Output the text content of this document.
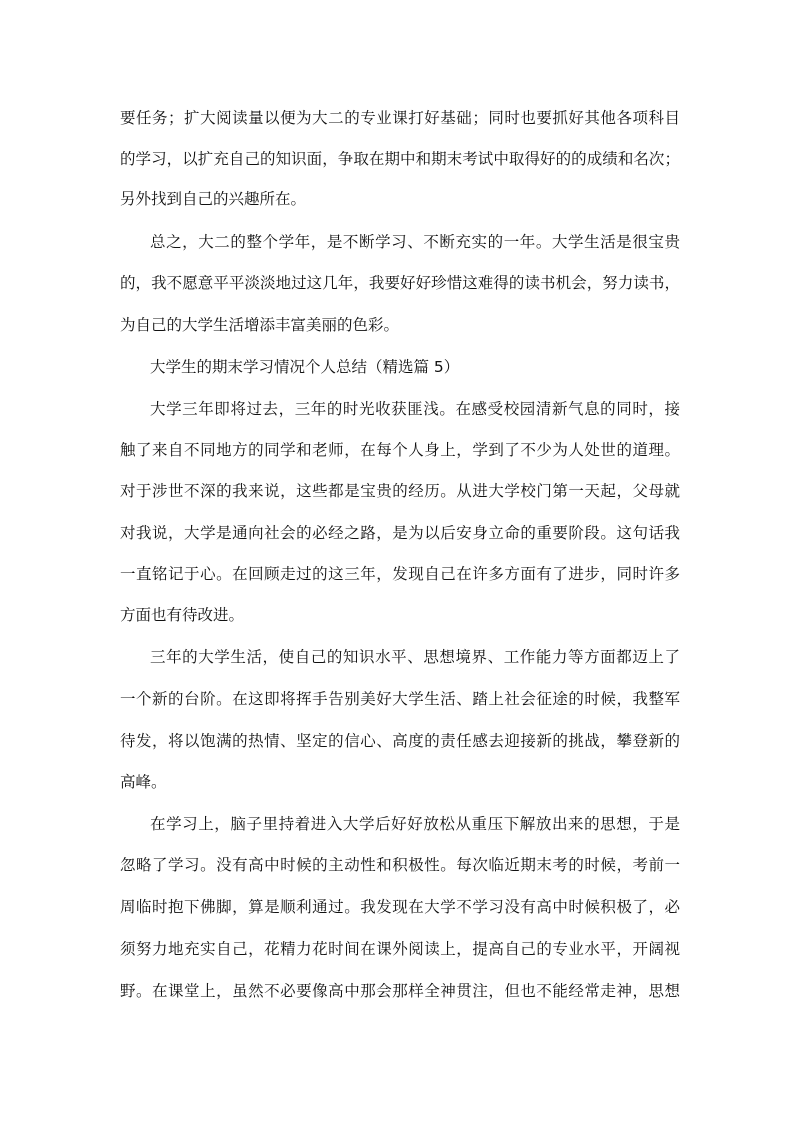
要任务；扩大阅读量以便为大二的专业课打好基础；同时也要抓好其他各项科目
的学习，以扩充自己的知识面，争取在期中和期末考试中取得好的的成绩和名次；
另外找到自己的兴趣所在。
总之，大二的整个学年，是不断学习、不断充实的一年。大学生活是很宝贵
的，我不愿意平平淡淡地过这几年，我要好好珍惜这难得的读书机会，努力读书，
为自己的大学生活增添丰富美丽的色彩。
大学生的期末学习情况个人总结（精选篇 5）
大学三年即将过去，三年的时光收获匪浅。在感受校园清新气息的同时，接
触了来自不同地方的同学和老师，在每个人身上，学到了不少为人处世的道理。
对于涉世不深的我来说，这些都是宝贵的经历。从进大学校门第一天起，父母就
对我说，大学是通向社会的必经之路，是为以后安身立命的重要阶段。这句话我
一直铭记于心。在回顾走过的这三年，发现自己在许多方面有了进步，同时许多
方面也有待改进。
三年的大学生活，使自己的知识水平、思想境界、工作能力等方面都迈上了
一个新的台阶。在这即将挥手告别美好大学生活、踏上社会征途的时候，我整军
待发，将以饱满的热情、坚定的信心、高度的责任感去迎接新的挑战，攀登新的
高峰。
在学习上，脑子里持着进入大学后好好放松从重压下解放出来的思想，于是
忽略了学习。没有高中时候的主动性和积极性。每次临近期末考的时候，考前一
周临时抱下佛脚，算是顺利通过。我发现在大学不学习没有高中时候积极了，必
须努力地充实自己，花精力花时间在课外阅读上，提高自己的专业水平，开阔视
野。在课堂上，虽然不必要像高中那会那样全神贯注，但也不能经常走神，思想
